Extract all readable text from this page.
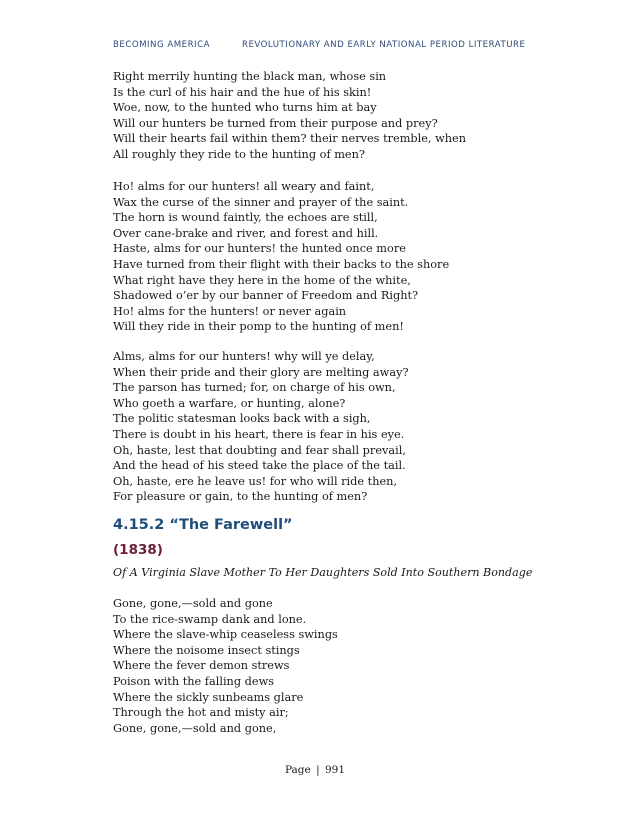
BECOMING AMERICA	REVOLUTIONARY AND EARLY NATIONAL PERIOD LITERATURE
Right merrily hunting the black man, whose sin
Is the curl of his hair and the hue of his skin!
Woe, now, to the hunted who turns him at bay
Will our hunters be turned from their purpose and prey?
Will their hearts fail within them? their nerves tremble, when
All roughly they ride to the hunting of men?
Ho! alms for our hunters! all weary and faint,
Wax the curse of the sinner and prayer of the saint.
The horn is wound faintly, the echoes are still,
Over cane-brake and river, and forest and hill.
Haste, alms for our hunters! the hunted once more
Have turned from their flight with their backs to the shore
What right have they here in the home of the white,
Shadowed o’er by our banner of Freedom and Right?
Ho! alms for the hunters! or never again
Will they ride in their pomp to the hunting of men!
Alms, alms for our hunters! why will ye delay,
When their pride and their glory are melting away?
The parson has turned; for, on charge of his own,
Who goeth a warfare, or hunting, alone?
The politic statesman looks back with a sigh,
There is doubt in his heart, there is fear in his eye.
Oh, haste, lest that doubting and fear shall prevail,
And the head of his steed take the place of the tail.
Oh, haste, ere he leave us! for who will ride then,
For pleasure or gain, to the hunting of men?
4.15.2 “The Farewell”
(1838)
Of A Virginia Slave Mother To Her Daughters Sold Into Southern Bondage
Gone, gone,—sold and gone
To the rice-swamp dank and lone.
Where the slave-whip ceaseless swings
Where the noisome insect stings
Where the fever demon strews
Poison with the falling dews
Where the sickly sunbeams glare
Through the hot and misty air;
Gone, gone,—sold and gone,
Page | 991
